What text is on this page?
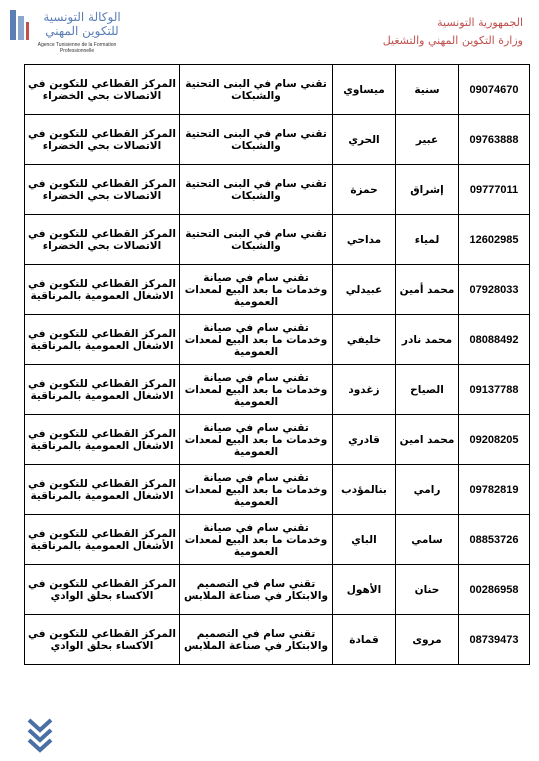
الوكالة التونسية
للتكوين المهني
Agence Tunisienne de la Formation Professionnelle
الجمهورية التونسية
وزارة التكوين المهني والتشغيل
المركز القطاعي للتكوين في الاتصالات بحي الخضراء	تقني سام في البنى التحتية والشبكات	ميساوي	سنية	09074670
المركز القطاعي للتكوين في الاتصالات بحي الخضراء	تقني سام في البنى التحتية والشبكات	الحري	عبير	09763888
المركز القطاعي للتكوين في الاتصالات بحي الخضراء	تقني سام في البنى التحتية والشبكات	حمزة	إشراق	09777011
المركز القطاعي للتكوين في الاتصالات بحي الخضراء	تقني سام في البنى التحتية والشبكات	مداحي	لمياء	12602985
المركز القطاعي للتكوين في الاشغال العمومية بالمرناقية	تقني سام في صيانة وخدمات ما بعد البيع لمعدات العمومية	عبيدلي	محمد أمين	07928033
المركز القطاعي للتكوين في الاشغال العمومية بالمرناقية	تقني سام في صيانة وخدمات ما بعد البيع لمعدات العمومية	خليفي	محمد نادر	08088492
المركز القطاعي للتكوين في الاشغال العمومية بالمرناقية	تقني سام في صيانة وخدمات ما بعد البيع لمعدات العمومية	زغدود	الصياح	09137788
المركز القطاعي للتكوين في الاشغال العمومية بالمرناقية	تقني سام في صيانة وخدمات ما بعد البيع لمعدات العمومية	قادري	محمد امين	09208205
المركز القطاعي للتكوين في الاشغال العمومية بالمرناقية	تقني سام في صيانة وخدمات ما بعد البيع لمعدات العمومية	بنالمؤدب	رامي	09782819
المركز القطاعي للتكوين في الأشغال العمومية بالمرناقية	تقني سام في صيانة وخدمات ما بعد البيع لمعدات العمومية	الباي	سامي	08853726
المركز القطاعي للتكوين في الاكساء بحلق الوادي	تقني سام في التصميم والابتكار في صناعة الملابس	الأهول	حنان	00286958
المركز القطاعي للتكوين في الاكساء بحلق الوادي	تقني سام في التصميم والابتكار في صناعة الملابس	قمادة	مروى	08739473
